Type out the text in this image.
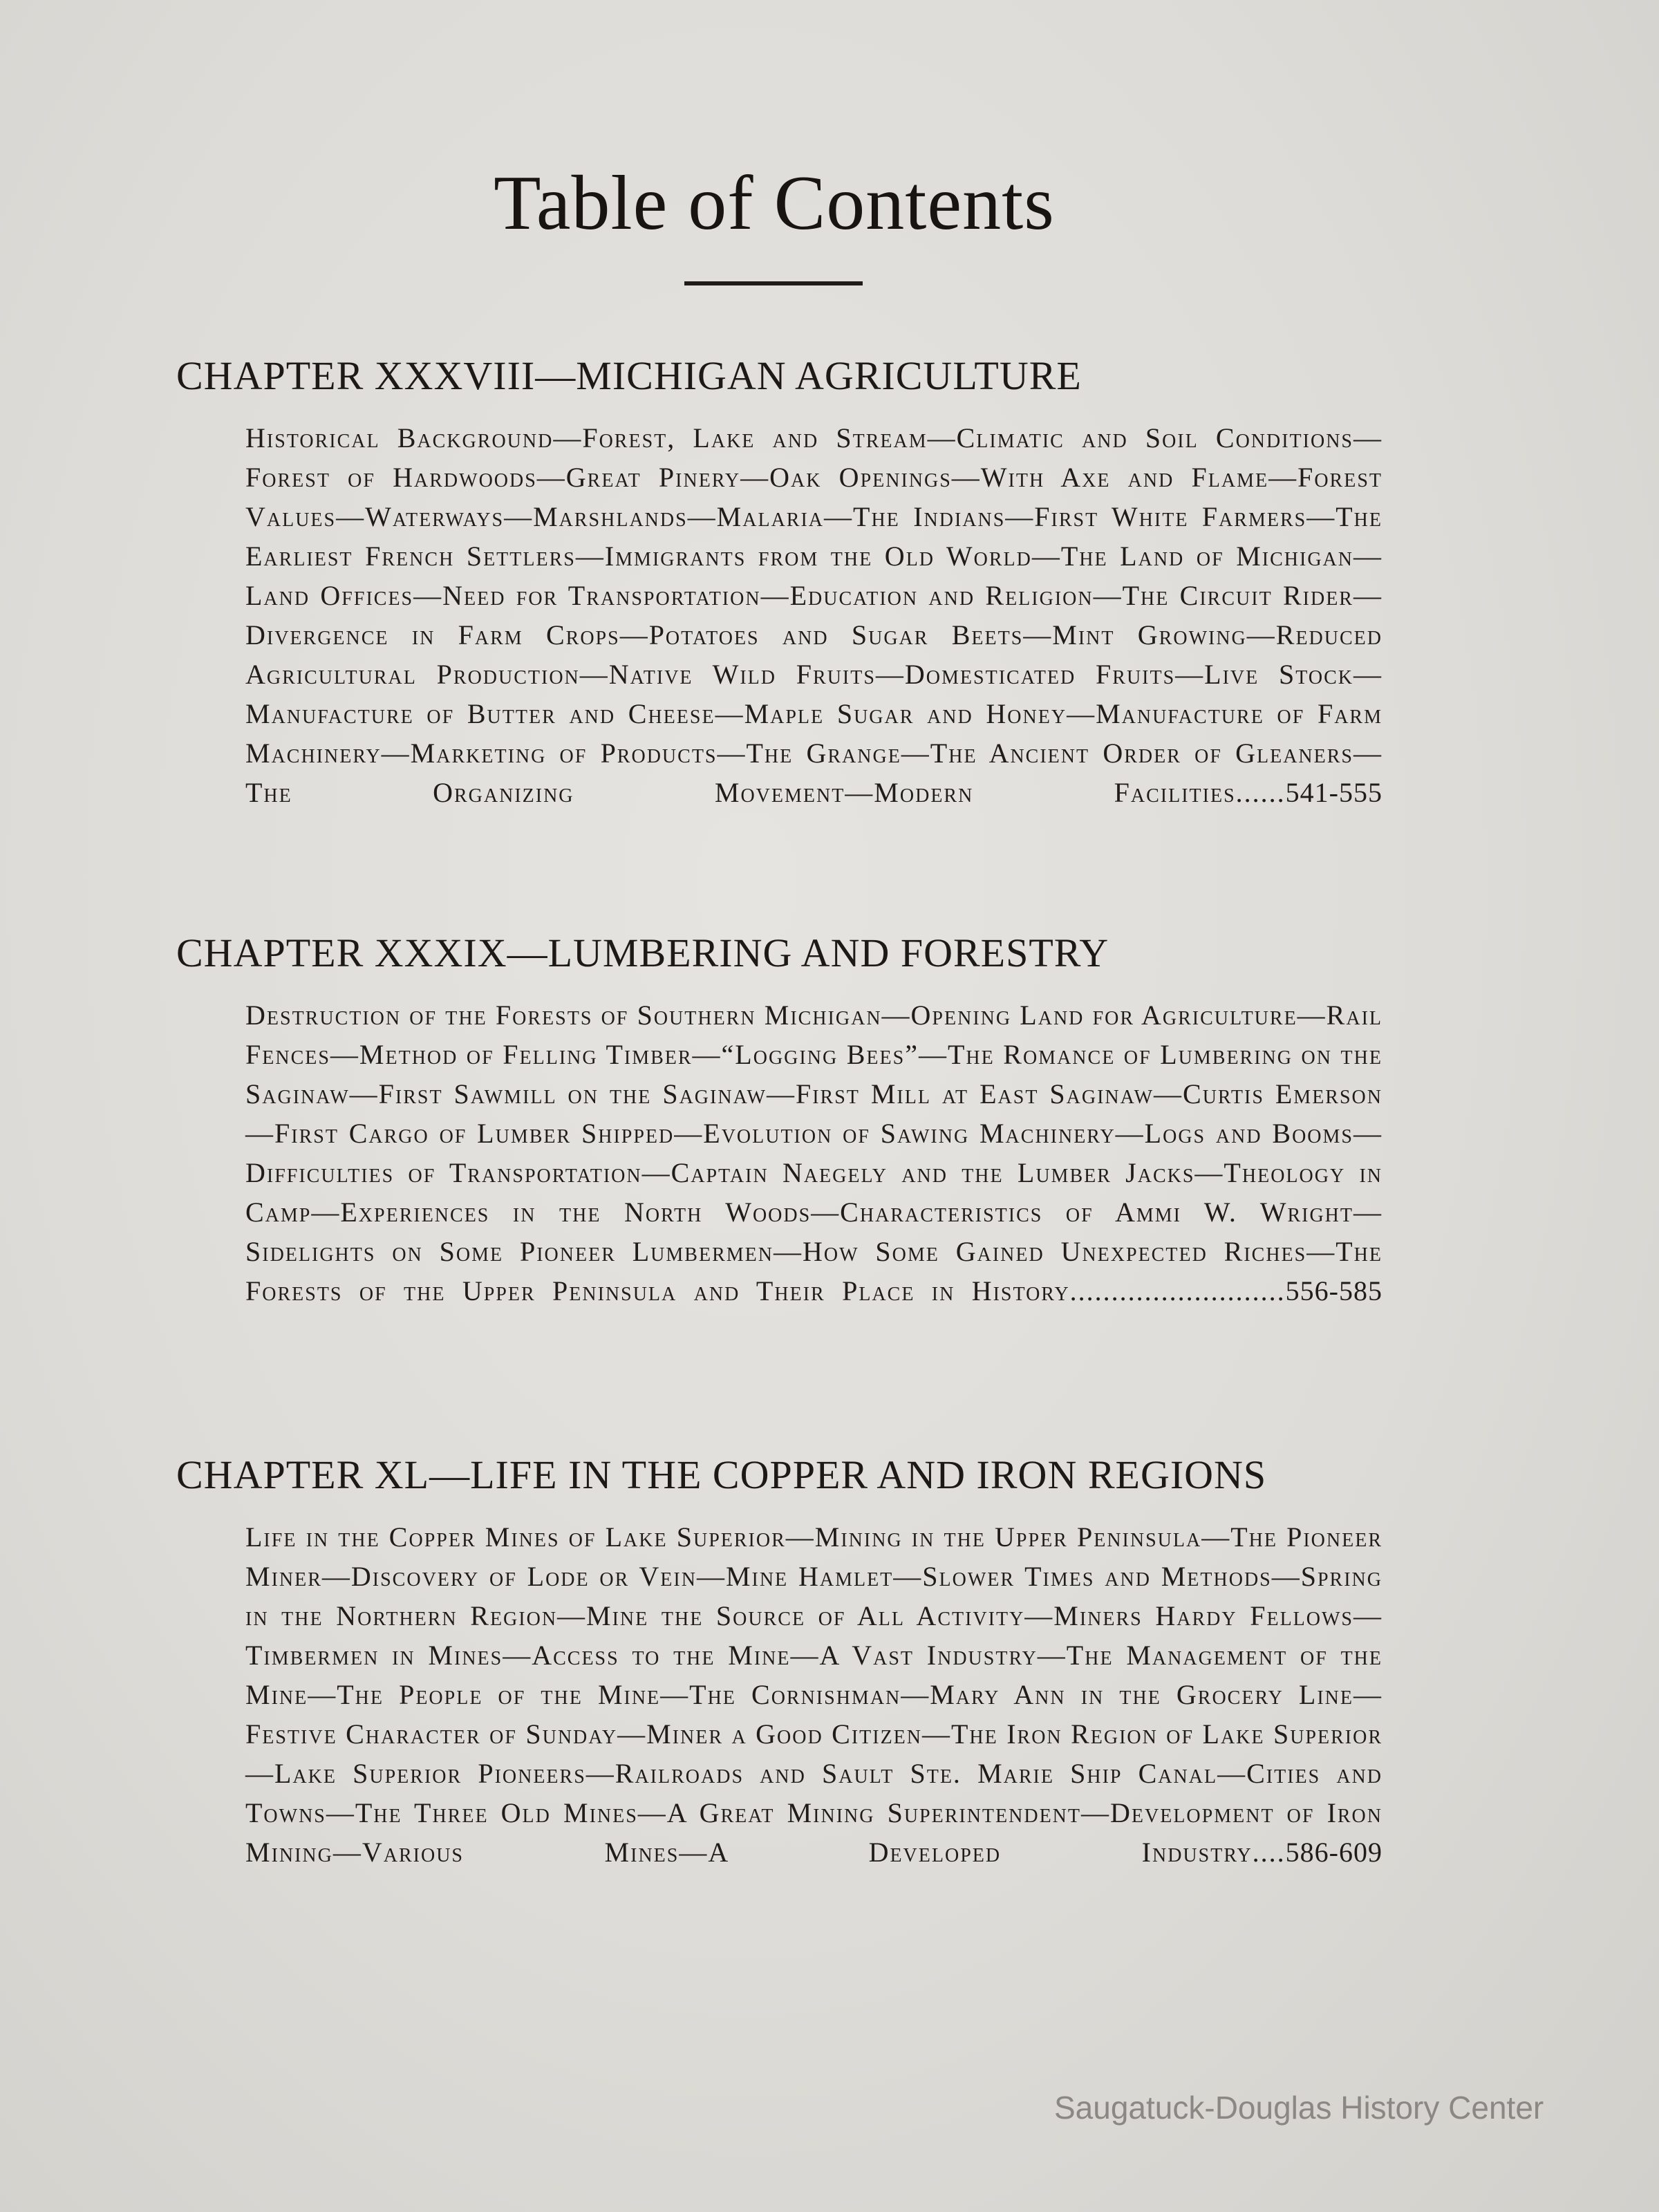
Table of Contents
CHAPTER XXXVIII—MICHIGAN AGRICULTURE

Historical Background—Forest, Lake and Stream—Climatic and Soil Conditions—Forest of Hardwoods—Great Pinery—Oak Openings—With Axe and Flame—Forest Values—Waterways—Marshlands—Malaria—The Indians—First White Farmers—The Earliest French Settlers—Immigrants from the Old World—The Land of Michigan—Land Offices—Need for Transportation—Education and Religion—The Circuit Rider—Divergence in Farm Crops—Potatoes and Sugar Beets—Mint Growing—Reduced Agricultural Production—Native Wild Fruits—Domesticated Fruits—Live Stock—Manufacture of Butter and Cheese—Maple Sugar and Honey—Manufacture of Farm Machinery—Marketing of Products—The Grange—The Ancient Order of Gleaners—The Organizing Movement—Modern Facilities......541-555

CHAPTER XXXIX—LUMBERING AND FORESTRY

Destruction of the Forests of Southern Michigan—Opening Land for Agriculture—Rail Fences—Method of Felling Timber—“Logging Bees”—The Romance of Lumbering on the Saginaw—First Sawmill on the Saginaw—First Mill at East Saginaw—Curtis Emerson—First Cargo of Lumber Shipped—Evolution of Sawing Machinery—Logs and Booms—Difficulties of Transportation—Captain Naegely and the Lumber Jacks—Theology in Camp—Experiences in the North Woods—Characteristics of Ammi W. Wright—Sidelights on Some Pioneer Lumbermen—How Some Gained Unexpected Riches—The Forests of the Upper Peninsula and Their Place in History..........................556-585

CHAPTER XL—LIFE IN THE COPPER AND IRON REGIONS

Life in the Copper Mines of Lake Superior—Mining in the Upper Peninsula—The Pioneer Miner—Discovery of Lode or Vein—Mine Hamlet—Slower Times and Methods—Spring in the Northern Region—Mine the Source of All Activity—Miners Hardy Fellows—Timbermen in Mines—Access to the Mine—A Vast Industry—The Management of the Mine—The People of the Mine—The Cornishman—Mary Ann in the Grocery Line—Festive Character of Sunday—Miner a Good Citizen—The Iron Region of Lake Superior—Lake Superior Pioneers—Railroads and Sault Ste. Marie Ship Canal—Cities and Towns—The Three Old Mines—A Great Mining Superintendent—Development of Iron Mining—Various Mines—A Developed Industry....586-609

Saugatuck-Douglas History Center
